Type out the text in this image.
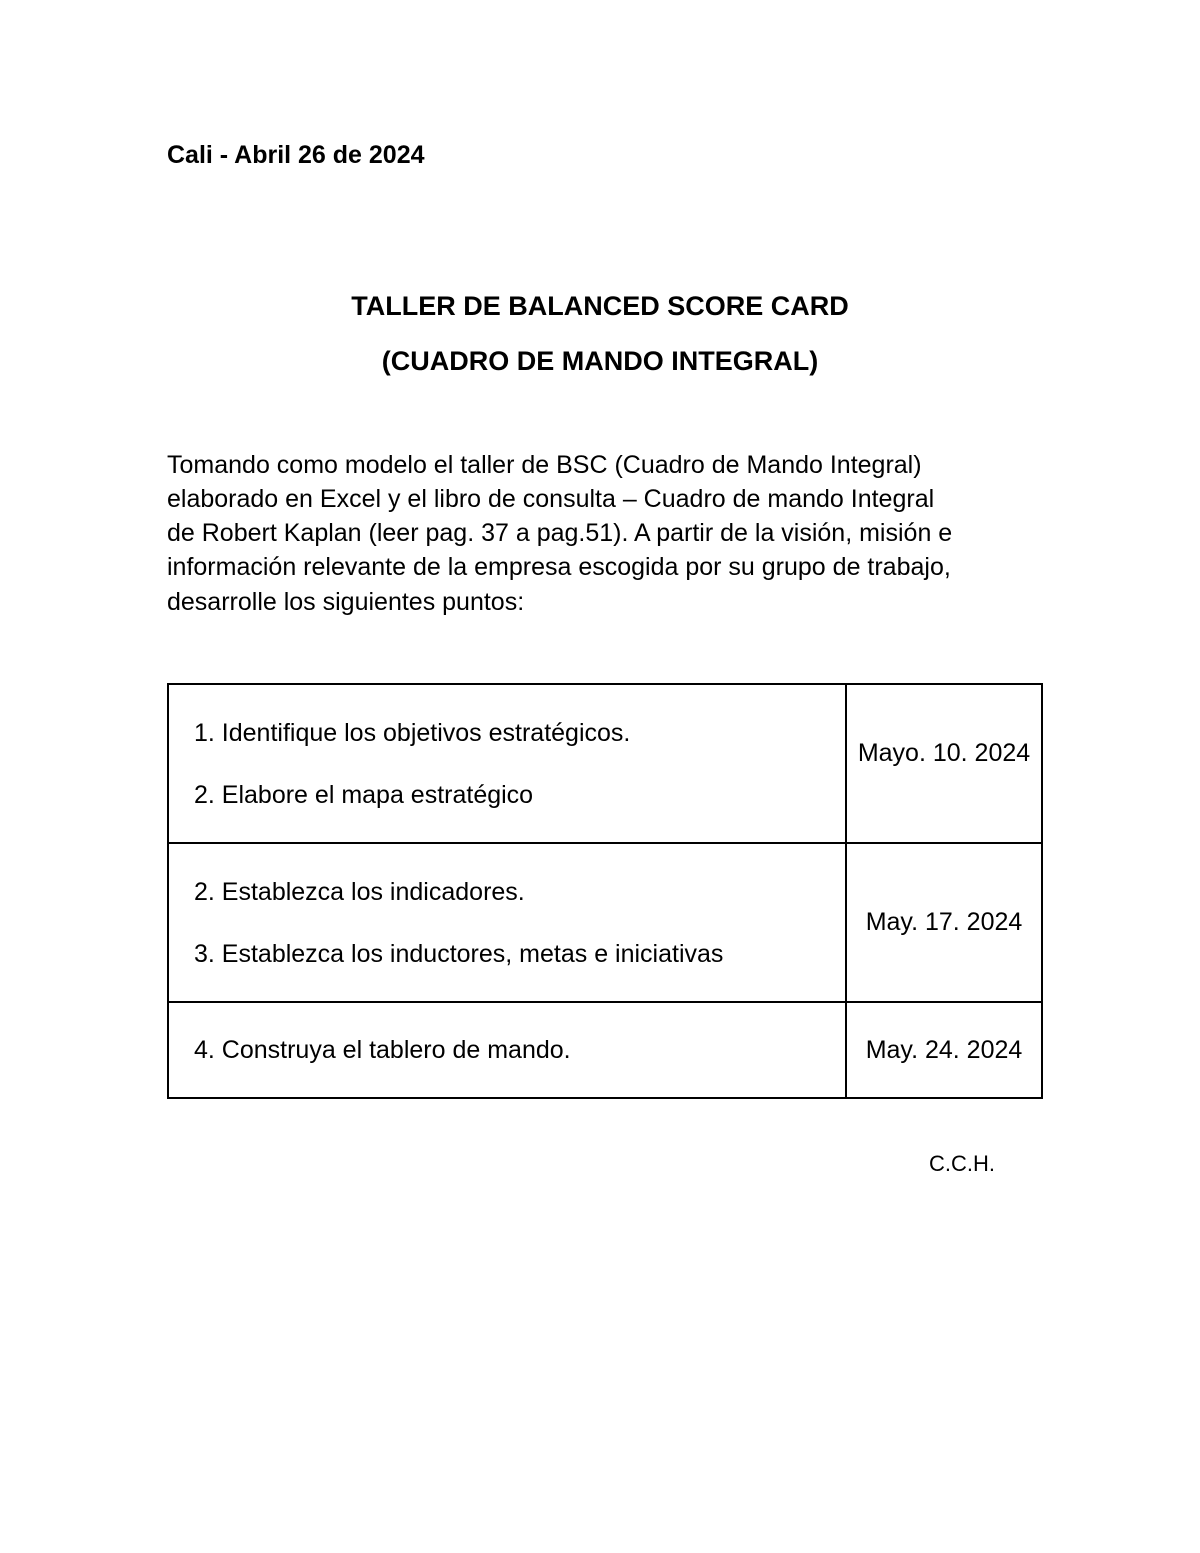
Cali - Abril 26 de 2024
TALLER DE BALANCED SCORE CARD
(CUADRO DE MANDO INTEGRAL)
Tomando como modelo el taller de BSC (Cuadro de Mando Integral)
elaborado en Excel y el libro de consulta – Cuadro de mando Integral
de Robert Kaplan (leer pag. 37 a pag.51). A partir de la visión, misión e
información relevante de la empresa escogida por su grupo de trabajo,
desarrolle los siguientes puntos:
1. Identifique los objetivos estratégicos.
2. Elabore el mapa estratégico	Mayo. 10. 2024

2. Establezca los indicadores.
3. Establezca los inductores, metas e iniciativas	May. 17. 2024

4. Construya el tablero de mando.	May. 24. 2024
C.C.H.
